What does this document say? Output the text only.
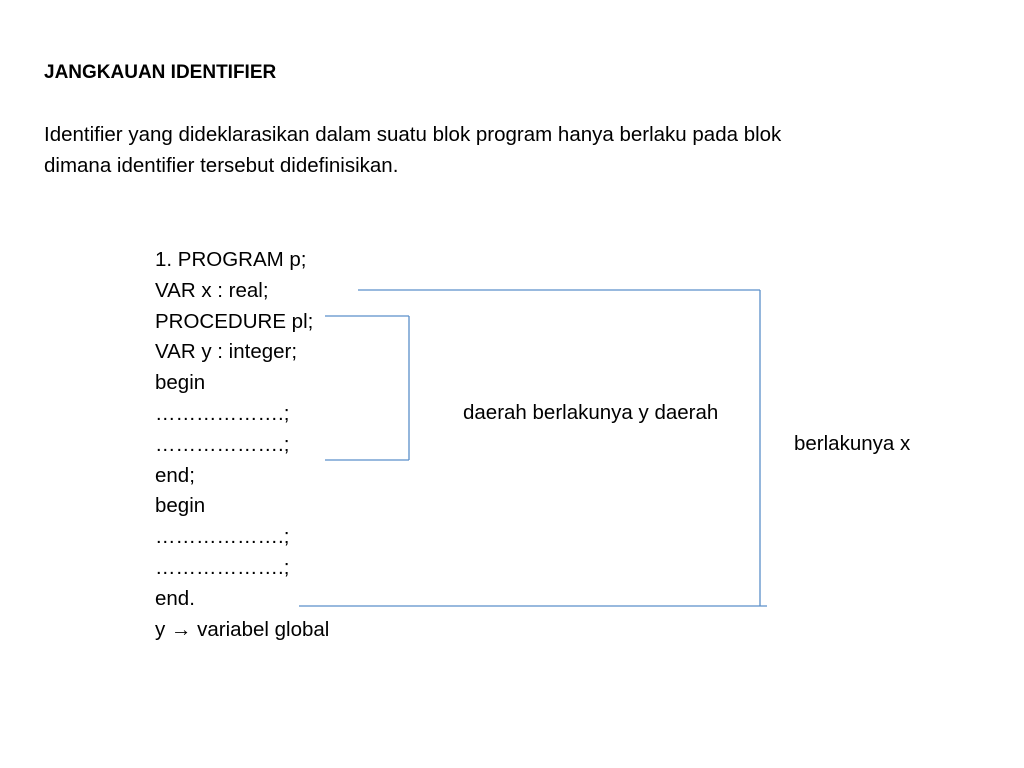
JANGKAUAN IDENTIFIER
Identifier yang dideklarasikan dalam suatu blok program hanya berlaku pada blok
dimana identifier tersebut didefinisikan.
1. PROGRAM p;
VAR x : real;
PROCEDURE pl;
VAR y : integer;
begin
……………….;
……………….;
end;
begin
……………….;
……………….;
end.
y → variabel global
daerah berlakunya y daerah
berlakunya x
